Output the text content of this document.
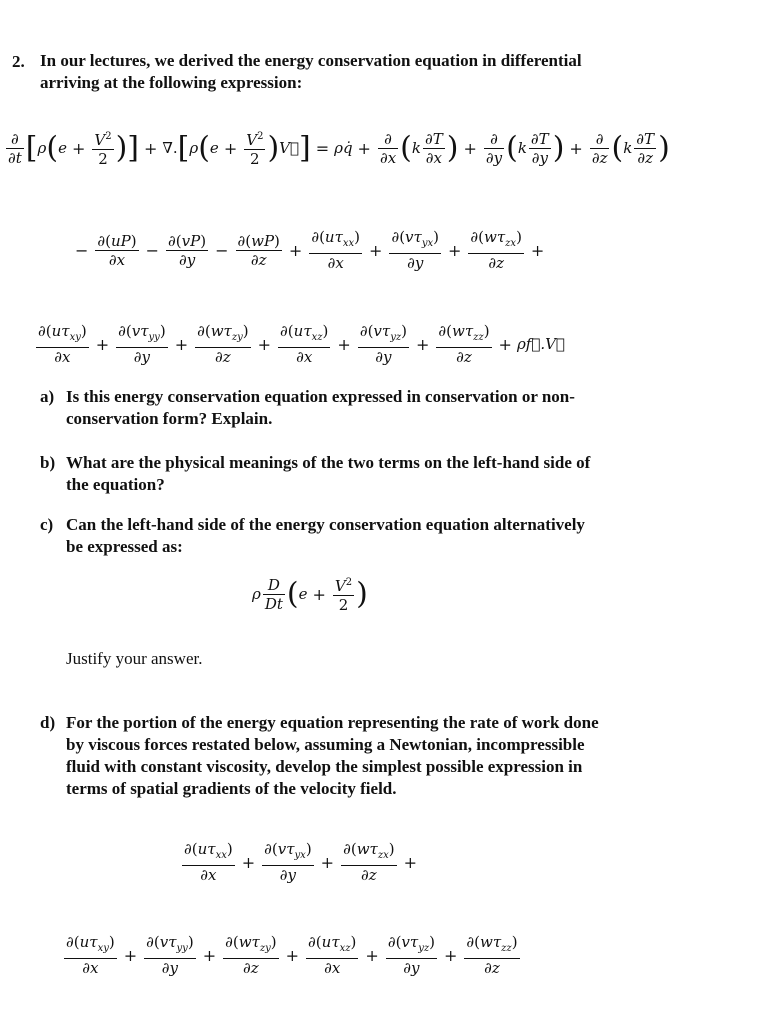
2. In our lectures, we derived the energy conservation equation in differential
arriving at the following expression:
$\frac{\partial}{\partial t} [\rho(e + \frac{V^2}{2}$ )] + $\nabla.[\rho(e + \frac{V^2}{2}$ )V⃗] = ρq̇ + $\frac{\partial}{\partial x} (k \frac{\partial T}{\partial x}$ ) + $\frac{\partial}{\partial y} (k \frac{\partial T}{\partial y}$ ) + $\frac{\partial}{\partial z} (k \frac{\partial T}{\partial z}$ )
− $\frac{\partial(uP)}{\partial x} - \frac{\partial(vP)}{\partial y} - \frac{\partial(wP)}{\partial z} + \frac{\partial(u\tau_{xx})}{\partial x} + \frac{\partial(v\tau_{yx})}{\partial y} + \frac{\partial(w\tau_{zx})}{\partial z}$ +
$\frac{\partial(u\tau_{xy})}{\partial x} + \frac{\partial(v\tau_{yy})}{\partial y} + \frac{\partial(w\tau_{zy})}{\partial z} + \frac{\partial(u\tau_{xz})}{\partial x} + \frac{\partial(v\tau_{yz})}{\partial y} + \frac{\partial(w\tau_{zz})}{\partial z}$ + ρf⃗.V⃗
a) Is this energy conservation equation expressed in conservation or non-
conservation form? Explain.
b) What are the physical meanings of the two terms on the left-hand side of
the equation?
c) Can the left-hand side of the energy conservation equation alternatively
be expressed as:
ρ $\frac{D}{Dt} (e + \frac{V^2}{2}$ )
Justify your answer.
d) For the portion of the energy equation representing the rate of work done
by viscous forces restated below, assuming a Newtonian, incompressible
fluid with constant viscosity, develop the simplest possible expression in
terms of spatial gradients of the velocity field.
$\frac{\partial(u\tau_{xx})}{\partial x} + \frac{\partial(v\tau_{yx})}{\partial y} + \frac{\partial(w\tau_{zx})}{\partial z}$ +
$\frac{\partial(u\tau_{xy})}{\partial x} + \frac{\partial(v\tau_{yy})}{\partial y} + \frac{\partial(w\tau_{zy})}{\partial z} + \frac{\partial(u\tau_{xz})}{\partial x} + \frac{\partial(v\tau_{yz})}{\partial y} + \frac{\partial(w\tau_{zz})}{\partial z}$
